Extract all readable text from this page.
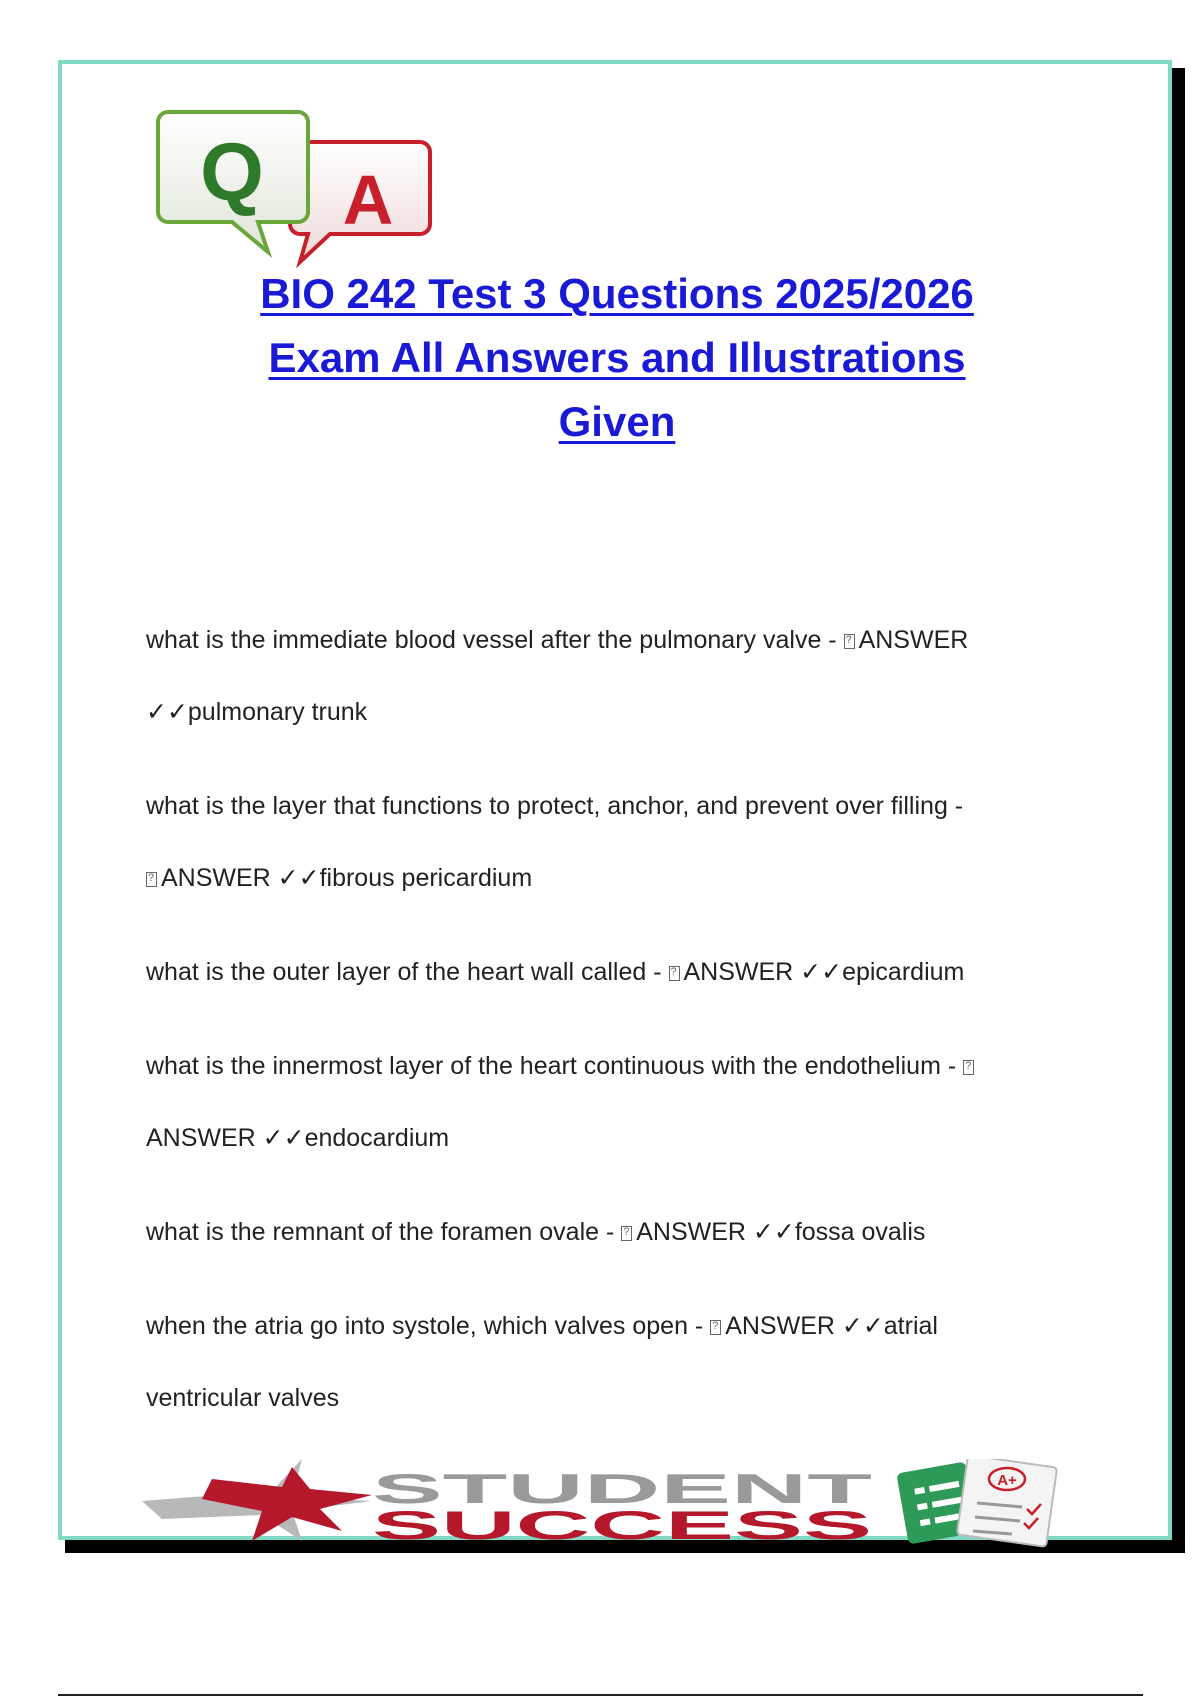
Q A
BIO 242 Test 3 Questions 2025/2026
Exam All Answers and Illustrations
Given
what is the immediate blood vessel after the pulmonary valve - ?ANSWER
✓✓pulmonary trunk
what is the layer that functions to protect, anchor, and prevent over filling -
?ANSWER ✓✓fibrous pericardium
what is the outer layer of the heart wall called - ?ANSWER ✓✓epicardium
what is the innermost layer of the heart continuous with the endothelium - ?
ANSWER ✓✓endocardium
what is the remnant of the foramen ovale - ?ANSWER ✓✓fossa ovalis
when the atria go into systole, which valves open - ?ANSWER ✓✓atrial
ventricular valves
STUDENT
SUCCESS
A+
